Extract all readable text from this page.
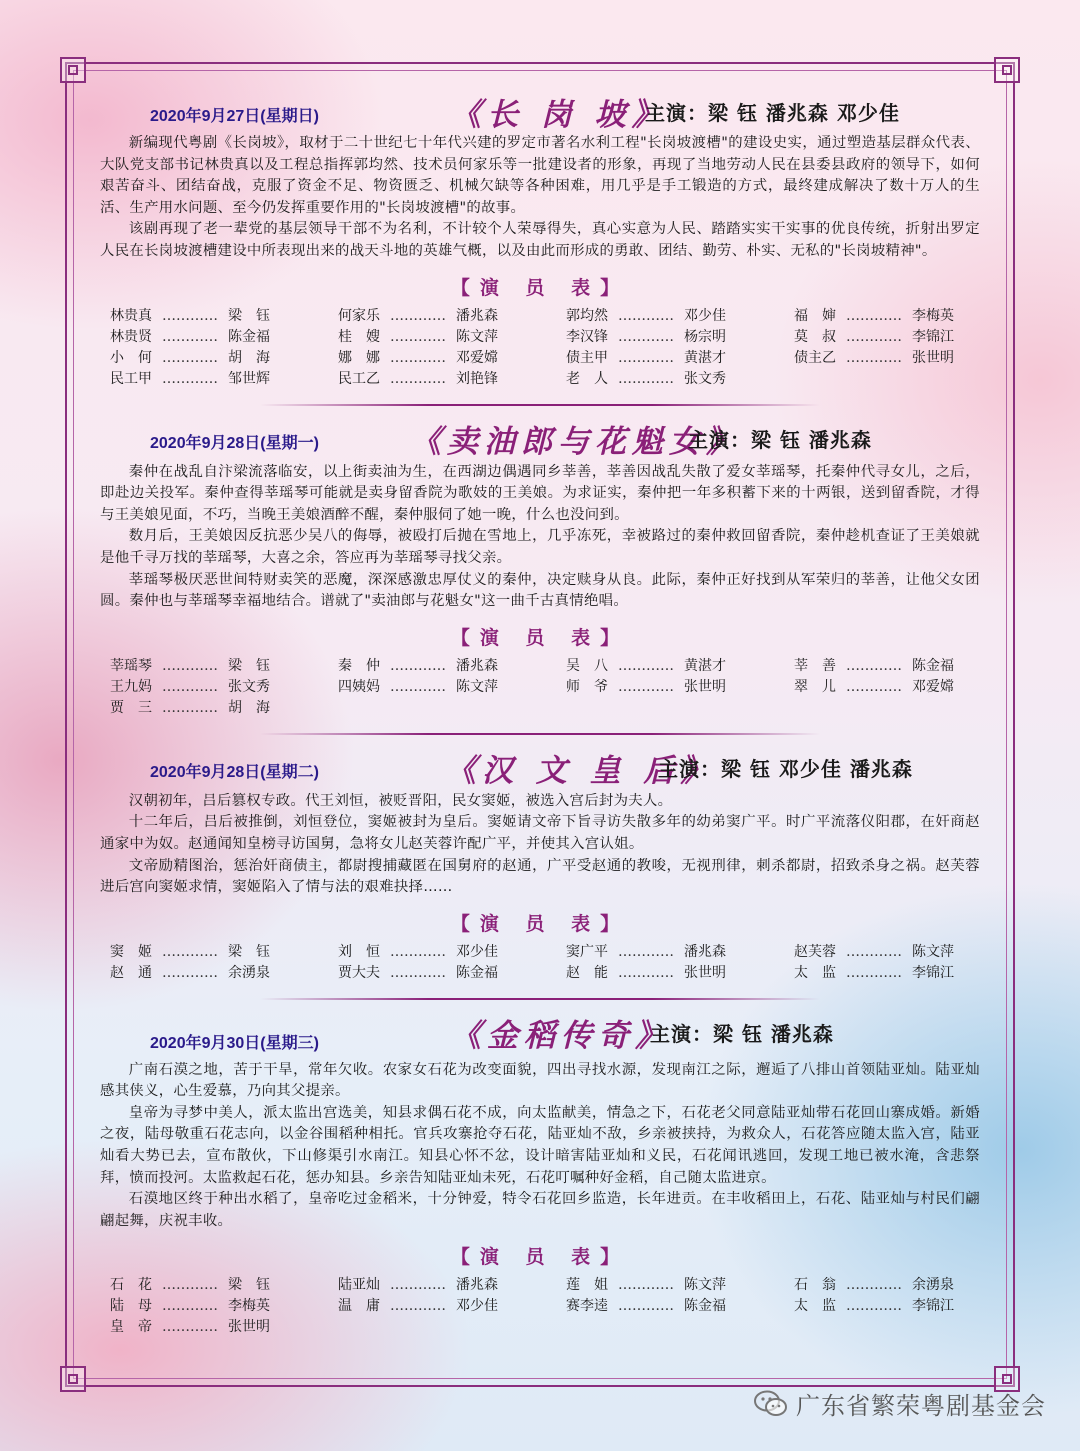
2020年9月27日(星期日)	《长 岗 坡》
主演：梁 钰 潘兆森 邓少佳

新编现代粤剧《长岗坡》，取材于二十世纪七十年代兴建的罗定市著名水利工程"长岗坡渡槽"的建设史实，通过塑造基层群众代表、大队党支部书记林贵真以及工程总指挥郭均然、技术员何家乐等一批建设者的形象，再现了当地劳动人民在县委县政府的领导下，如何艰苦奋斗、团结奋战，克服了资金不足、物资匮乏、机械欠缺等各种困难，用几乎是手工锻造的方式，最终建成解决了数十万人的生活、生产用水问题、至今仍发挥重要作用的"长岗坡渡槽"的故事。

该剧再现了老一辈党的基层领导干部不为名利，不计较个人荣辱得失，真心实意为人民、踏踏实实干实事的优良传统，折射出罗定人民在长岗坡渡槽建设中所表现出来的战天斗地的英雄气概，以及由此而形成的勇敢、团结、勤劳、朴实、无私的"长岗坡精神"。

【演 员 表】
林贵真 ………… 梁　钰	何家乐 ………… 潘兆森	郭均然 ………… 邓少佳	福　婶 ………… 李梅英
林贵贤 ………… 陈金福	桂　嫂 ………… 陈文萍	李汉锋 ………… 杨宗明	莫　叔 ………… 李锦江
小　何 ………… 胡　海	娜　娜 ………… 邓爱嫦	债主甲 ………… 黄湛才	债主乙 ………… 张世明
民工甲 ………… 邹世辉	民工乙 ………… 刘艳锋	老　人 ………… 张文秀
2020年9月28日(星期一)	《卖油郎与花魁女》
主演：梁 钰 潘兆森

秦仲在战乱自汴梁流落临安，以上街卖油为生，在西湖边偶遇同乡莘善，莘善因战乱失散了爱女莘瑶琴，托秦仲代寻女儿，之后，即赴边关投军。秦仲查得莘瑶琴可能就是卖身留香院为歌妓的王美娘。为求证实，秦仲把一年多积蓄下来的十两银，送到留香院，才得与王美娘见面，不巧，当晚王美娘酒醉不醒，秦仲服伺了她一晚，什么也没问到。

数月后，王美娘因反抗恶少吴八的侮辱，被殴打后抛在雪地上，几乎冻死，幸被路过的秦仲救回留香院，秦仲趁机查证了王美娘就是他千寻万找的莘瑶琴，大喜之余，答应再为莘瑶琴寻找父亲。

莘瑶琴极厌恶世间特财卖笑的恶魔，深深感激忠厚仗义的秦仲，决定赎身从良。此际，秦仲正好找到从军荣归的莘善，让他父女团圆。秦仲也与莘瑶琴幸福地结合。谱就了"卖油郎与花魁女"这一曲千古真情绝唱。

【演 员 表】
莘瑶琴 ………… 梁　钰	秦　仲 ………… 潘兆森	吴　八 ………… 黄湛才	莘　善 ………… 陈金福
王九妈 ………… 张文秀	四姨妈 ………… 陈文萍	师　爷 ………… 张世明	翠　儿 ………… 邓爱嫦
贾　三 ………… 胡　海
2020年9月28日(星期二)	《汉 文 皇 后》
主演：梁 钰 邓少佳 潘兆森

汉朝初年，吕后篡权专政。代王刘恒，被贬晋阳，民女窦姬，被选入宫后封为夫人。

十二年后，吕后被推倒，刘恒登位，窦姬被封为皇后。窦姬请文帝下旨寻访失散多年的幼弟窦广平。时广平流落仪阳郡，在奸商赵通家中为奴。赵通闻知皇榜寻访国舅，急将女儿赵芙蓉许配广平，并使其入宫认姐。

文帝励精图治，惩治奸商债主，都尉搜捕藏匿在国舅府的赵通，广平受赵通的教唆，无视刑律，刺杀都尉，招致杀身之祸。赵芙蓉进后宫向窦姬求情，窦姬陷入了情与法的艰难抉择……

【演 员 表】
窦　姬 ………… 梁　钰	刘　恒 ………… 邓少佳	窦广平 ………… 潘兆森	赵芙蓉 ………… 陈文萍
赵　通 ………… 余湧泉	贾大夫 ………… 陈金福	赵　能 ………… 张世明	太　监 ………… 李锦江
2020年9月30日(星期三)	《金稻传奇》
主演：梁 钰 潘兆森

广南石漠之地，苦于干旱，常年欠收。农家女石花为改变面貌，四出寻找水源，发现南江之际，邂逅了八排山首领陆亚灿。陆亚灿感其侠义，心生爱慕，乃向其父提亲。

皇帝为寻梦中美人，派太监出宫选美，知县求偶石花不成，向太监献美，情急之下，石花老父同意陆亚灿带石花回山寨成婚。新婚之夜，陆母敬重石花志向，以金谷围稻种相托。官兵攻寨抢夺石花，陆亚灿不敌，乡亲被挟持，为救众人，石花答应随太监入宫，陆亚灿看大势已去，宣布散伙，下山修渠引水南江。知县心怀不忿，设计暗害陆亚灿和义民，石花闻讯逃回，发现工地已被水淹，含悲祭拜，愤而投河。太监救起石花，惩办知县。乡亲告知陆亚灿未死，石花叮嘱种好金稻，自己随太监进京。

石漠地区终于种出水稻了，皇帝吃过金稻米，十分钟爱，特令石花回乡监造，长年进贡。在丰收稻田上，石花、陆亚灿与村民们翩翩起舞，庆祝丰收。

【演 员 表】
石　花 ………… 梁　钰	陆亚灿 ………… 潘兆森	莲　姐 ………… 陈文萍	石　翁 ………… 余湧泉
陆　母 ………… 李梅英	温　庸 ………… 邓少佳	赛李逵 ………… 陈金福	太　监 ………… 李锦江
皇　帝 ………… 张世明
广东省繁荣粤剧基金会
